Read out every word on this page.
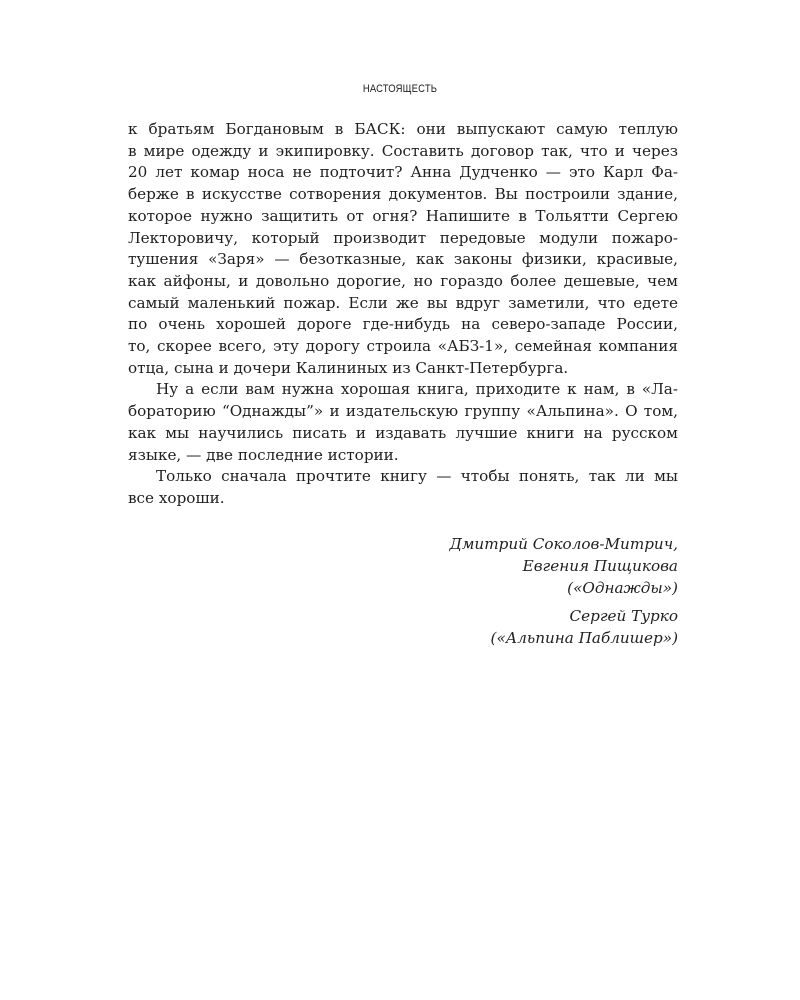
НАСТОЯЩЕСТЬ
к братьям Богдановым в БАСК: они выпускают самую теплую
в мире одежду и экипировку. Составить договор так, что и через
20 лет комар носа не подточит? Анна Дудченко — это Карл Фа-
берже в искусстве сотворения документов. Вы построили здание,
которое нужно защитить от огня? Напишите в Тольятти Сергею
Лекторовичу, который производит передовые модули пожаро-
тушения «Заря» — безотказные, как законы физики, красивые,
как айфоны, и довольно дорогие, но гораздо более дешевые, чем
самый маленький пожар. Если же вы вдруг заметили, что едете
по очень хорошей дороге где-нибудь на северо-западе России,
то, скорее всего, эту дорогу строила «АБЗ-1», семейная компания
отца, сына и дочери Калининых из Санкт-Петербурга.
Ну а если вам нужна хорошая книга, приходите к нам, в «Ла-
бораторию “Однажды”» и издательскую группу «Альпина». О том,
как мы научились писать и издавать лучшие книги на русском
языке, — две последние истории.
Только сначала прочтите книгу — чтобы понять, так ли мы
все хороши.
Дмитрий Соколов-Митрич,
Евгения Пищикова
(«Однажды»)
Сергей Турко
(«Альпина Паблишер»)
